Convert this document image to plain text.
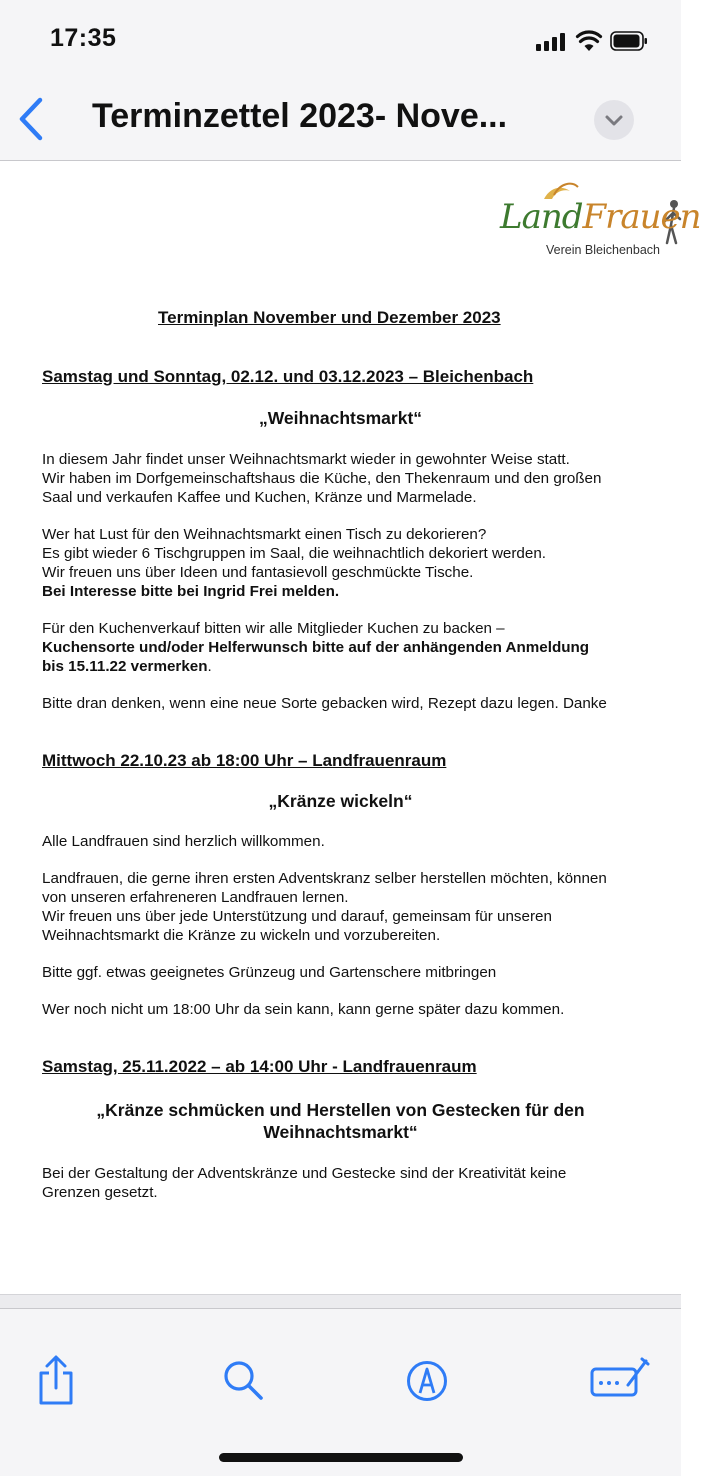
17:35
Terminzettel 2023- Nove...
LandFrauen
Verein Bleichenbach
Terminplan November und Dezember 2023
Samstag und Sonntag, 02.12. und 03.12.2023 – Bleichenbach
„Weihnachtsmarkt“
In diesem Jahr findet unser Weihnachtsmarkt wieder in gewohnter Weise statt.
Wir haben im Dorfgemeinschaftshaus die Küche, den Thekenraum und den großen
Saal und verkaufen Kaffee und Kuchen, Kränze und Marmelade.
Wer hat Lust für den Weihnachtsmarkt einen Tisch zu dekorieren?
Es gibt wieder 6 Tischgruppen im Saal, die weihnachtlich dekoriert werden.
Wir freuen uns über Ideen und fantasievoll geschmückte Tische.
Bei Interesse bitte bei Ingrid Frei melden.
Für den Kuchenverkauf bitten wir alle Mitglieder Kuchen zu backen –
Kuchensorte und/oder Helferwunsch bitte auf der anhängenden Anmeldung
bis 15.11.22 vermerken.
Bitte dran denken, wenn eine neue Sorte gebacken wird, Rezept dazu legen. Danke
Mittwoch 22.10.23 ab 18:00 Uhr – Landfrauenraum
„Kränze wickeln“
Alle Landfrauen sind herzlich willkommen.
Landfrauen, die gerne ihren ersten Adventskranz selber herstellen möchten, können
von unseren erfahreneren Landfrauen lernen.
Wir freuen uns über jede Unterstützung und darauf, gemeinsam für unseren
Weihnachtsmarkt die Kränze zu wickeln und vorzubereiten.
Bitte ggf. etwas geeignetes Grünzeug und Gartenschere mitbringen
Wer noch nicht um 18:00 Uhr da sein kann, kann gerne später dazu kommen.
Samstag, 25.11.2022 – ab 14:00 Uhr - Landfrauenraum
„Kränze schmücken und Herstellen von Gestecken für den
Weihnachtsmarkt“
Bei der Gestaltung der Adventskränze und Gestecke sind der Kreativität keine
Grenzen gesetzt.
